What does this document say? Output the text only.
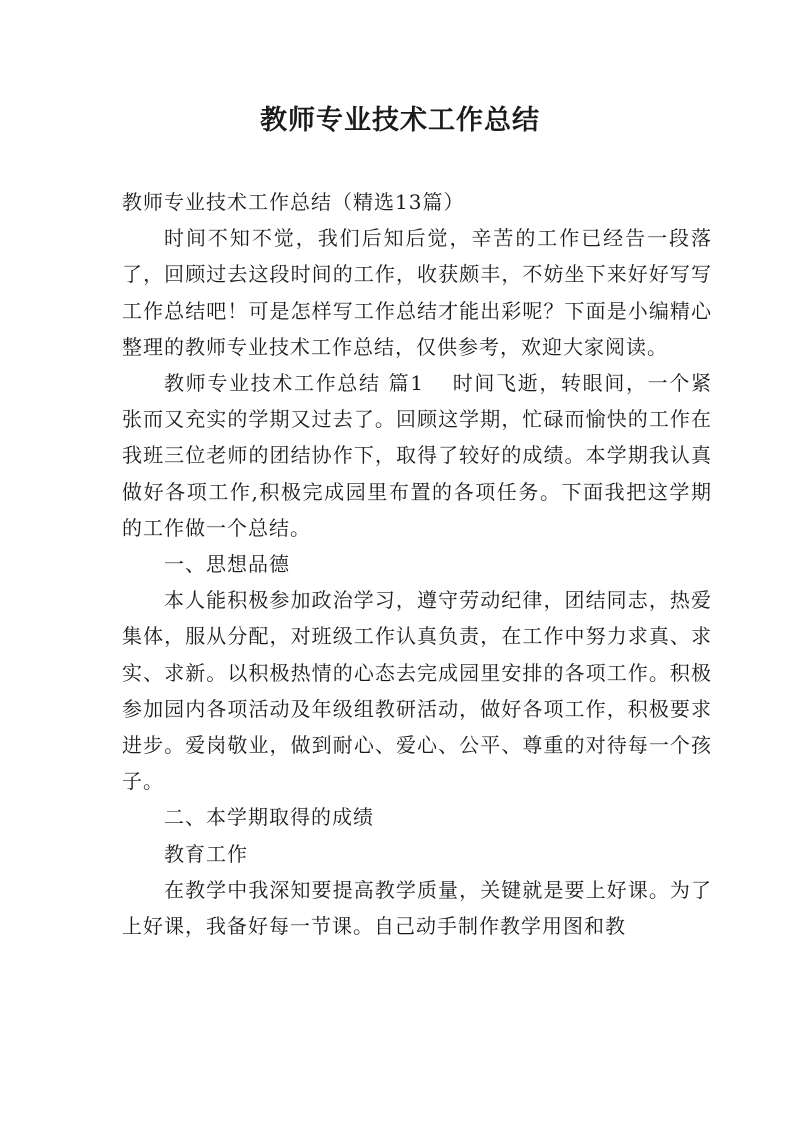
教师专业技术工作总结

教师专业技术工作总结（精选13篇）

时间不知不觉，我们后知后觉，辛苦的工作已经告一段落了，回顾过去这段时间的工作，收获颇丰，不妨坐下来好好写写工作总结吧！可是怎样写工作总结才能出彩呢？下面是小编精心整理的教师专业技术工作总结，仅供参考，欢迎大家阅读。

教师专业技术工作总结 篇1 时间飞逝，转眼间，一个紧张而又充实的学期又过去了。回顾这学期，忙碌而愉快的工作在我班三位老师的团结协作下，取得了较好的成绩。本学期我认真做好各项工作,积极完成园里布置的各项任务。下面我把这学期的工作做一个总结。

一、思想品德

本人能积极参加政治学习，遵守劳动纪律，团结同志，热爱集体，服从分配，对班级工作认真负责，在工作中努力求真、求实、求新。以积极热情的心态去完成园里安排的各项工作。积极参加园内各项活动及年级组教研活动，做好各项工作，积极要求进步。爱岗敬业，做到耐心、爱心、公平、尊重的对待每一个孩子。

二、本学期取得的成绩

教育工作

在教学中我深知要提高教学质量，关键就是要上好课。为了上好课，我备好每一节课。自己动手制作教学用图和教
